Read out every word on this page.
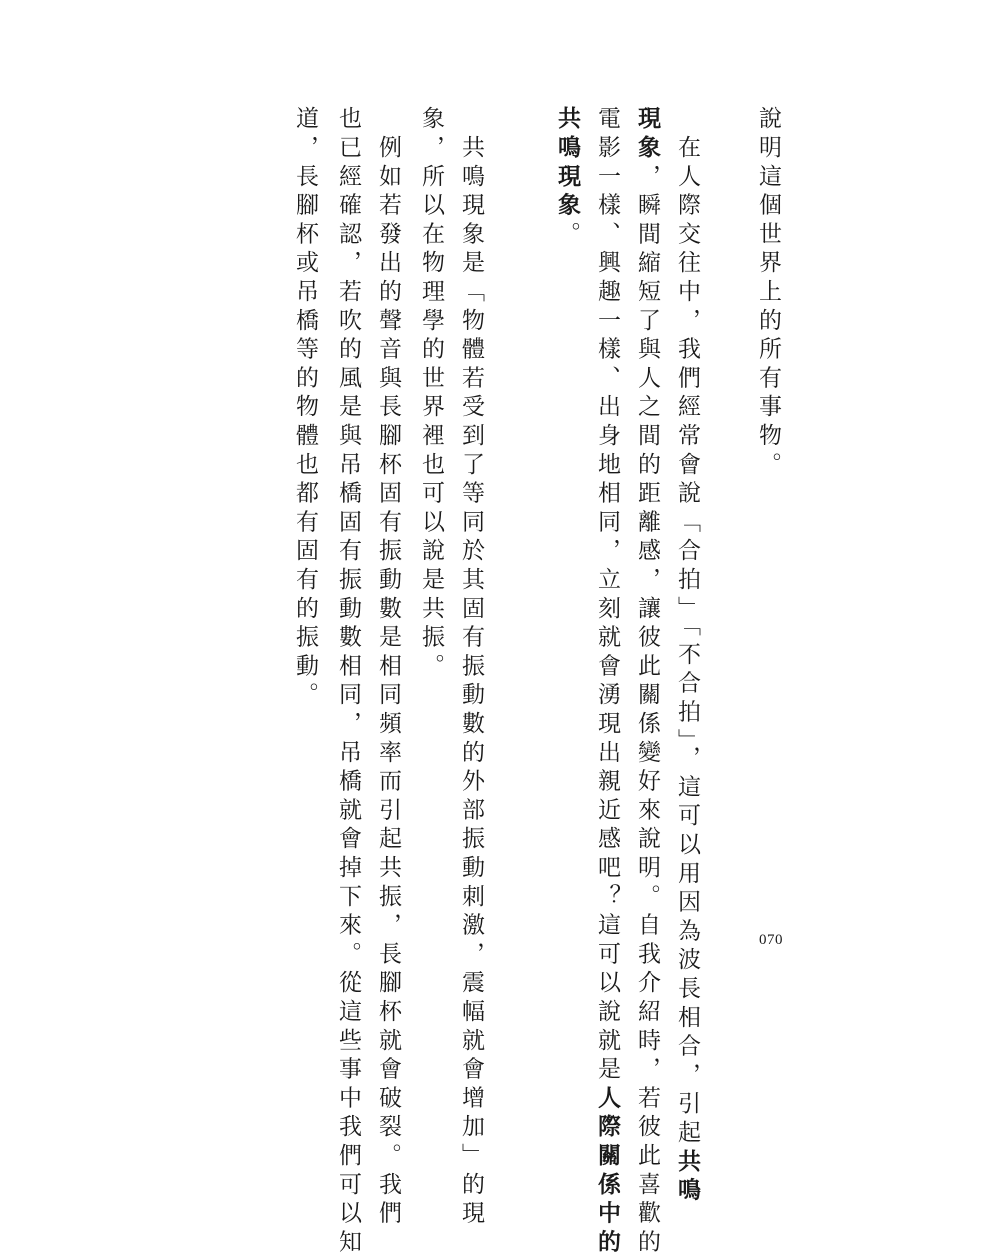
說明這個世界上的所有事物。

　在人際交往中，我們經常會說「合拍」「不合拍」，這可以用因為波長相合，引起共鳴

現象，瞬間縮短了與人之間的距離感，讓彼此關係變好來說明。自我介紹時，若彼此喜歡的

電影一樣、興趣一樣、出身地相同，立刻就會湧現出親近感吧？這可以說就是人際關係中的

共鳴現象。

　共鳴現象是「物體若受到了等同於其固有振動數的外部振動刺激，震幅就會增加」的現

象，所以在物理學的世界裡也可以說是共振。

　例如若發出的聲音與長腳杯固有振動數是相同頻率而引起共振，長腳杯就會破裂。我們

也已經確認，若吹的風是與吊橋固有振動數相同，吊橋就會掉下來。從這些事中我們可以知

道，長腳杯或吊橋等的物體也都有固有的振動。

070
